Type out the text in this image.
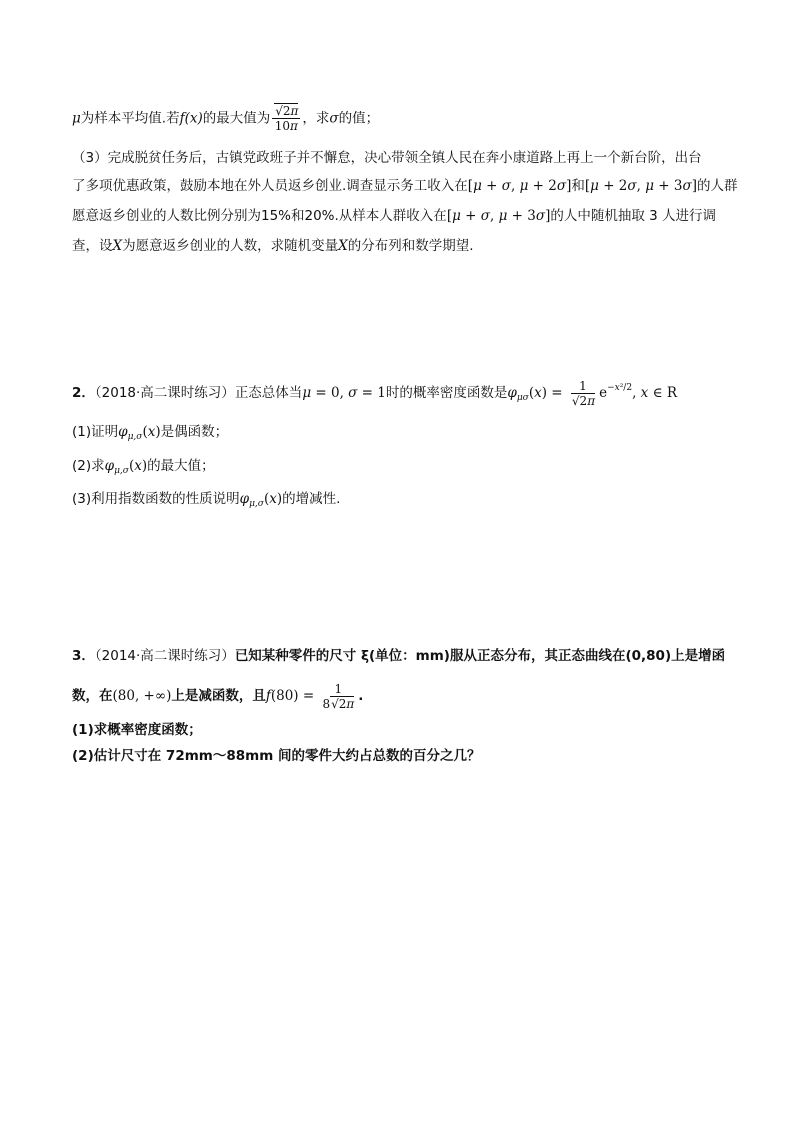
μ为样本平均值.若f(x)的最大值为 $\frac{√2\pi}{10\pi}$ ，求σ的值；
（3）完成脱贫任务后，古镇党政班子并不懈怠，决心带领全镇人民在奔小康道路上再上一个新台阶，出台
了多项优惠政策，鼓励本地在外人员返乡创业.调查显示务工收入在[μ + σ, μ + 2σ]和[μ + 2σ, μ + 3σ]的人群
愿意返乡创业的人数比例分别为15%和20%.从样本人群收入在[μ + σ, μ + 3σ]的人中随机抽取 3 人进行调
查，设X为愿意返乡创业的人数，求随机变量X的分布列和数学期望.
2．（2018·高二课时练习）正态总体当μ = 0, σ = 1时的概率密度函数是$\varphi_{\mu\sigma}(x) = \frac{1}{√2\pi} e^{-x^2/2}$, x ∈ R
(1)证明$\varphi_{\mu,\sigma}(x)$是偶函数；
(2)求$\varphi_{\mu,\sigma}(x)$的最大值；
(3)利用指数函数的性质说明$\varphi_{\mu,\sigma}(x)$的增减性.
3．（2014·高二课时练习）已知某种零件的尺寸 ξ(单位：mm)服从正态分布，其正态曲线在(0,80)上是增函
数，在(80, +∞)上是减函数，且$f(80) = \frac{1}{8√2\pi}$ .
(1)求概率密度函数；
(2)估计尺寸在 72mm～88mm 间的零件大约占总数的百分之几？
